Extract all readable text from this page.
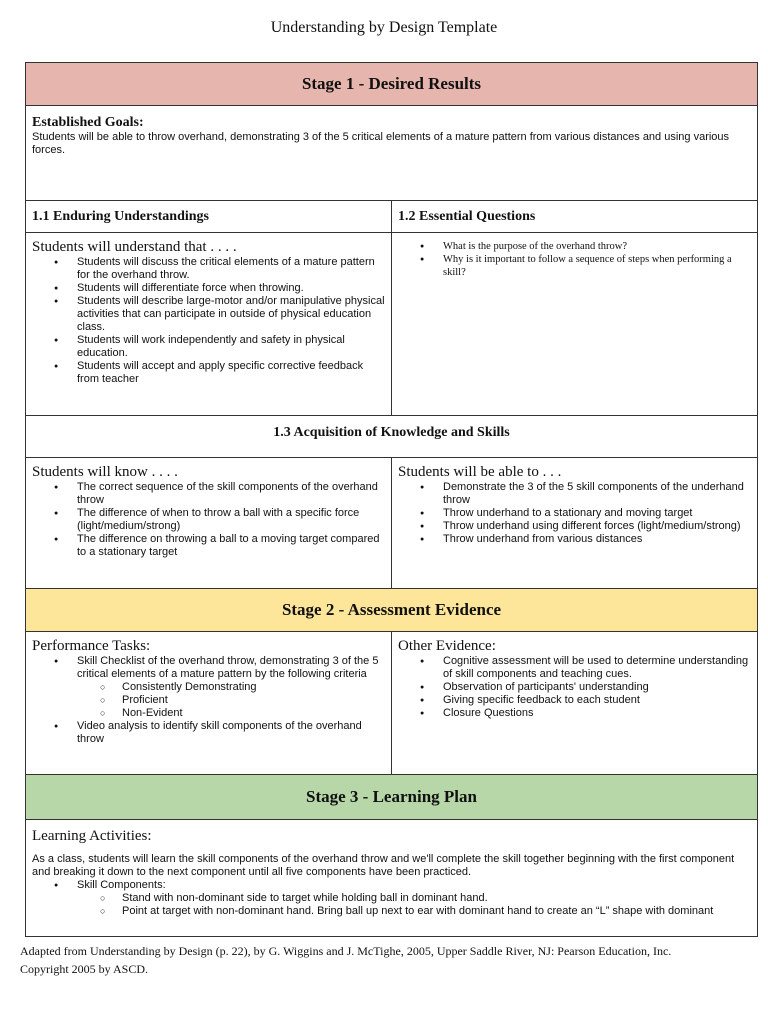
Understanding by Design Template
Stage 1 - Desired Results
Established Goals:
Students will be able to throw overhand, demonstrating 3 of the 5 critical elements of a mature pattern from various distances and using various forces.
1.1 Enduring Understandings	1.2 Essential Questions
Students will understand that . . . .
● Students will discuss the critical elements of a mature pattern for the overhand throw.
● Students will differentiate force when throwing.
● Students will describe large-motor and/or manipulative physical activities that can participate in outside of physical education class.
● Students will work independently and safety in physical education.
● Students will accept and apply specific corrective feedback from teacher
● What is the purpose of the overhand throw?
● Why is it important to follow a sequence of steps when performing a skill?
1.3 Acquisition of Knowledge and Skills
Students will know . . . .
● The correct sequence of the skill components of the overhand throw
● The difference of when to throw a ball with a specific force (light/medium/strong)
● The difference on throwing a ball to a moving target compared to a stationary target
Students will be able to . . .
● Demonstrate the 3 of the 5 skill components of the underhand throw
● Throw underhand to a stationary and moving target
● Throw underhand using different forces (light/medium/strong)
● Throw underhand from various distances
Stage 2 - Assessment Evidence
Performance Tasks:
● Skill Checklist of the overhand throw, demonstrating 3 of the 5 critical elements of a mature pattern by the following criteria
○ Consistently Demonstrating
○ Proficient
○ Non-Evident
● Video analysis to identify skill components of the overhand throw
Other Evidence:
● Cognitive assessment will be used to determine understanding of skill components and teaching cues.
● Observation of participants' understanding
● Giving specific feedback to each student
● Closure Questions
Stage 3 - Learning Plan
Learning Activities:
As a class, students will learn the skill components of the overhand throw and we'll complete the skill together beginning with the first component and breaking it down to the next component until all five components have been practiced.
● Skill Components:
○ Stand with non-dominant side to target while holding ball in dominant hand.
○ Point at target with non-dominant hand. Bring ball up next to ear with dominant hand to create an “L” shape with dominant
Adapted from Understanding by Design (p. 22), by G. Wiggins and J. McTighe, 2005, Upper Saddle River, NJ: Pearson Education, Inc.
Copyright 2005 by ASCD.
